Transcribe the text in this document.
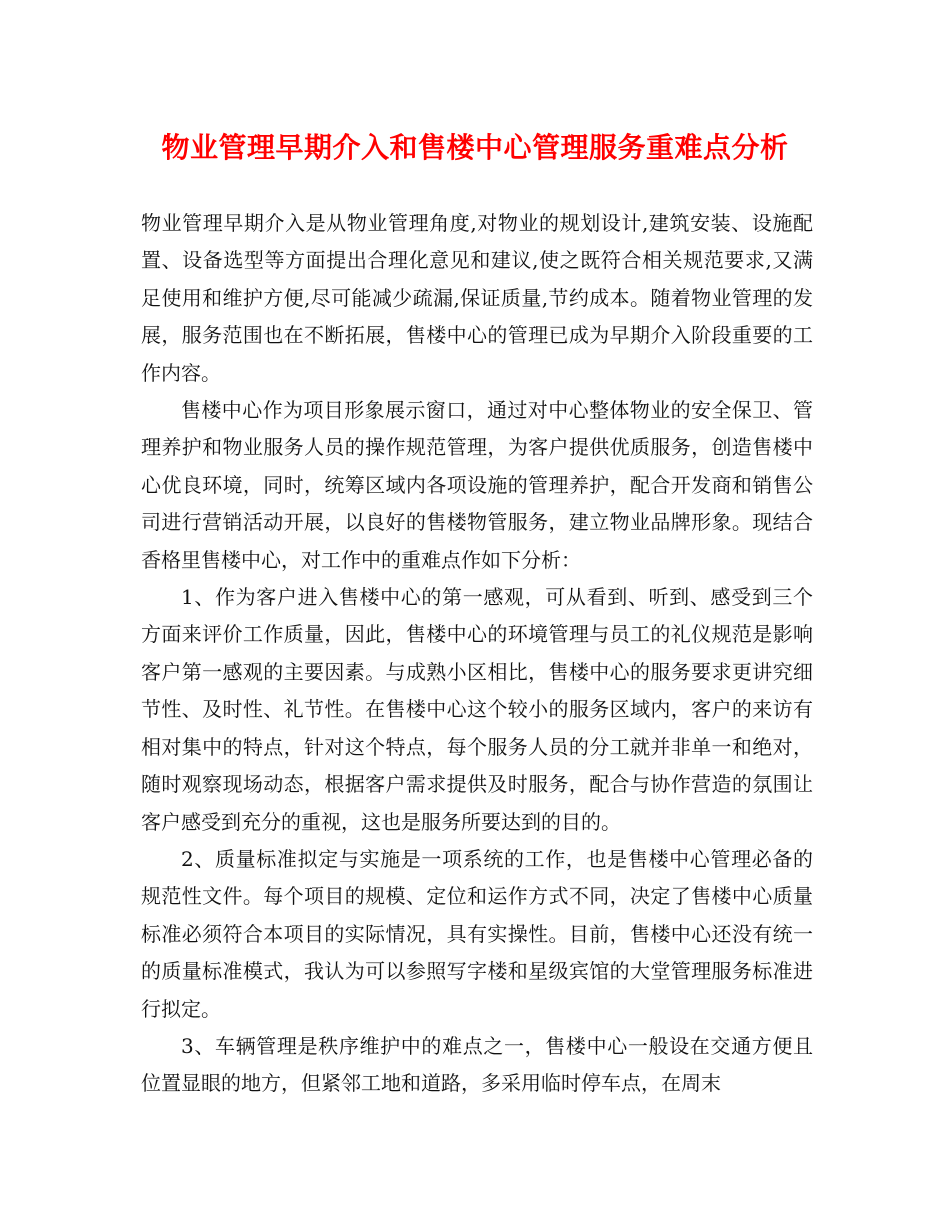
物业管理早期介入和售楼中心管理服务重难点分析

物业管理早期介入是从物业管理角度,对物业的规划设计,建筑安装、设施配置、设备选型等方面提出合理化意见和建议,使之既符合相关规范要求,又满足使用和维护方便,尽可能减少疏漏,保证质量,节约成本。随着物业管理的发展，服务范围也在不断拓展，售楼中心的管理已成为早期介入阶段重要的工作内容。

售楼中心作为项目形象展示窗口，通过对中心整体物业的安全保卫、管理养护和物业服务人员的操作规范管理，为客户提供优质服务，创造售楼中心优良环境，同时，统筹区域内各项设施的管理养护，配合开发商和销售公司进行营销活动开展，以良好的售楼物管服务，建立物业品牌形象。现结合香格里售楼中心，对工作中的重难点作如下分析：

1、作为客户进入售楼中心的第一感观，可从看到、听到、感受到三个方面来评价工作质量，因此，售楼中心的环境管理与员工的礼仪规范是影响客户第一感观的主要因素。与成熟小区相比，售楼中心的服务要求更讲究细节性、及时性、礼节性。在售楼中心这个较小的服务区域内，客户的来访有相对集中的特点，针对这个特点，每个服务人员的分工就并非单一和绝对，随时观察现场动态，根据客户需求提供及时服务，配合与协作营造的氛围让客户感受到充分的重视，这也是服务所要达到的目的。

2、质量标准拟定与实施是一项系统的工作，也是售楼中心管理必备的规范性文件。每个项目的规模、定位和运作方式不同，决定了售楼中心质量标准必须符合本项目的实际情况，具有实操性。目前，售楼中心还没有统一的质量标准模式，我认为可以参照写字楼和星级宾馆的大堂管理服务标准进行拟定。

3、车辆管理是秩序维护中的难点之一，售楼中心一般设在交通方便且位置显眼的地方，但紧邻工地和道路，多采用临时停车点，在周末
